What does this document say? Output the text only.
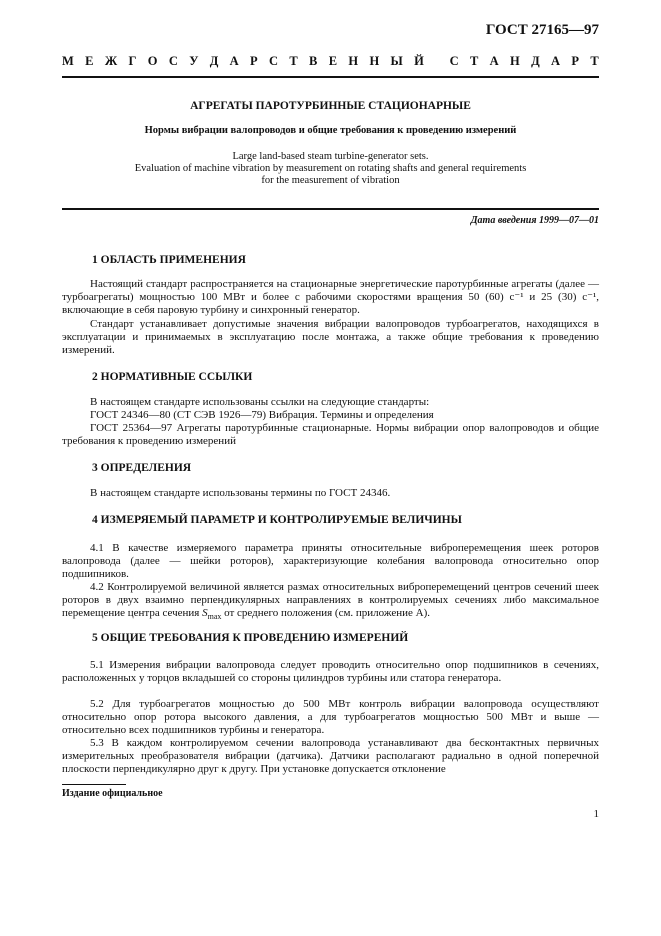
ГОСТ 27165—97
М Е Ж Г О С У Д А Р С Т В Е Н Н Ы Й
С Т А Н Д А Р Т
АГРЕГАТЫ ПАРОТУРБИННЫЕ СТАЦИОНАРНЫЕ
Нормы вибрации валопроводов и общие требования к проведению измерений
Large land-based steam turbine-generator sets.
Evaluation of machine vibration by measurement on rotating shafts and general requirements
for the measurement of vibration
Дата введения 1999—07—01
1 ОБЛАСТЬ ПРИМЕНЕНИЯ

Настоящий стандарт распространяется на стационарные энергетические паротурбинные агрегаты (далее — турбоагрегаты) мощностью 100 МВт и более с рабочими скоростями вращения 50 (60) с⁻¹ и 25 (30) с⁻¹, включающие в себя паровую турбину и синхронный генератор.

Стандарт устанавливает допустимые значения вибрации валопроводов турбоагрегатов, находящихся в эксплуатации и принимаемых в эксплуатацию после монтажа, а также общие требования к проведению измерений.

2 НОРМАТИВНЫЕ ССЫЛКИ

В настоящем стандарте использованы ссылки на следующие стандарты:

ГОСТ 24346—80 (СТ СЭВ 1926—79) Вибрация. Термины и определения

ГОСТ 25364—97 Агрегаты паротурбинные стационарные. Нормы вибрации опор валопроводов и общие требования к проведению измерений

3 ОПРЕДЕЛЕНИЯ

В настоящем стандарте использованы термины по ГОСТ 24346.

4 ИЗМЕРЯЕМЫЙ ПАРАМЕТР И КОНТРОЛИРУЕМЫЕ ВЕЛИЧИНЫ

4.1 В качестве измеряемого параметра приняты относительные виброперемещения шеек роторов валопровода (далее — шейки роторов), характеризующие колебания валопровода относительно опор подшипников.

4.2 Контролируемой величиной является размах относительных виброперемещений центров сечений шеек роторов в двух взаимно перпендикулярных направлениях в контролируемых сечениях либо максимальное перемещение центра сечения $S_{max}$ от среднего положения (см. приложение А).

5 ОБЩИЕ ТРЕБОВАНИЯ К ПРОВЕДЕНИЮ ИЗМЕРЕНИЙ

5.1 Измерения вибрации валопровода следует проводить относительно опор подшипников в сечениях, расположенных у торцов вкладышей со стороны цилиндров турбины или статора генератора.

5.2 Для турбоагрегатов мощностью до 500 МВт контроль вибрации валопровода осуществляют относительно опор ротора высокого давления, а для турбоагрегатов мощностью 500 МВт и выше — относительно всех подшипников турбины и генератора.

5.3 В каждом контролируемом сечении валопровода устанавливают два бесконтактных первичных измерительных преобразователя вибрации (датчика). Датчики располагают радиально в одной поперечной плоскости перпендикулярно друг к другу. При установке допускается отклонение

Издание официальное
1
